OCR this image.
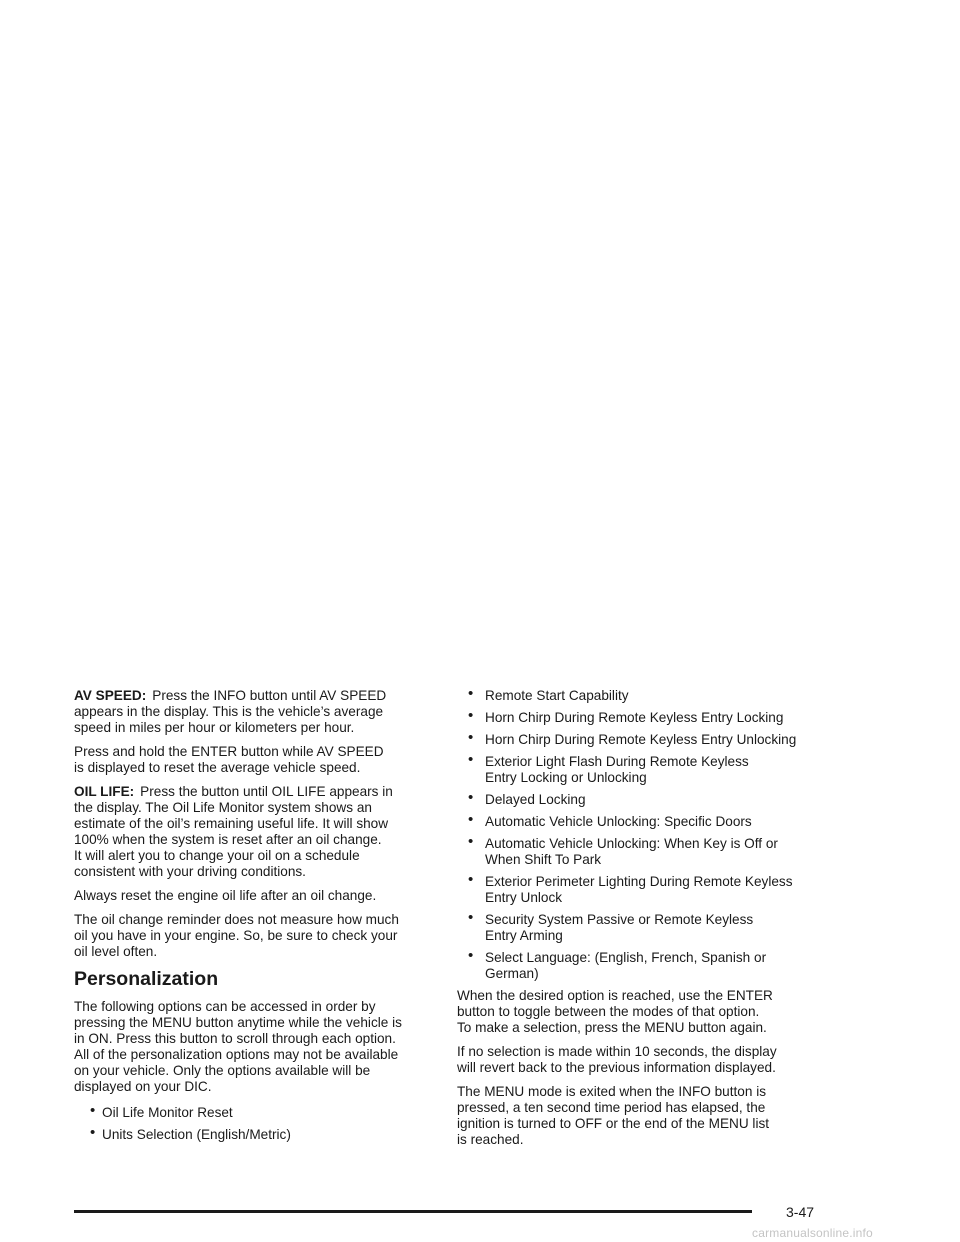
AV SPEED: Press the INFO button until AV SPEED
appears in the display. This is the vehicle’s average
speed in miles per hour or kilometers per hour.

Press and hold the ENTER button while AV SPEED
is displayed to reset the average vehicle speed.

OIL LIFE: Press the button until OIL LIFE appears in
the display. The Oil Life Monitor system shows an
estimate of the oil’s remaining useful life. It will show
100% when the system is reset after an oil change.
It will alert you to change your oil on a schedule
consistent with your driving conditions.

Always reset the engine oil life after an oil change.

The oil change reminder does not measure how much
oil you have in your engine. So, be sure to check your
oil level often.

Personalization

The following options can be accessed in order by
pressing the MENU button anytime while the vehicle is
in ON. Press this button to scroll through each option.
All of the personalization options may not be available
on your vehicle. Only the options available will be
displayed on your DIC.

• Oil Life Monitor Reset
• Units Selection (English/Metric)
• Remote Start Capability
• Horn Chirp During Remote Keyless Entry Locking
• Horn Chirp During Remote Keyless Entry Unlocking
• Exterior Light Flash During Remote Keyless
Entry Locking or Unlocking
• Delayed Locking
• Automatic Vehicle Unlocking: Specific Doors
• Automatic Vehicle Unlocking: When Key is Off or
When Shift To Park
• Exterior Perimeter Lighting During Remote Keyless
Entry Unlock
• Security System Passive or Remote Keyless
Entry Arming
• Select Language: (English, French, Spanish or
German)

When the desired option is reached, use the ENTER
button to toggle between the modes of that option.
To make a selection, press the MENU button again.

If no selection is made within 10 seconds, the display
will revert back to the previous information displayed.

The MENU mode is exited when the INFO button is
pressed, a ten second time period has elapsed, the
ignition is turned to OFF or the end of the MENU list
is reached.

3-47
carmanualsonline.info
